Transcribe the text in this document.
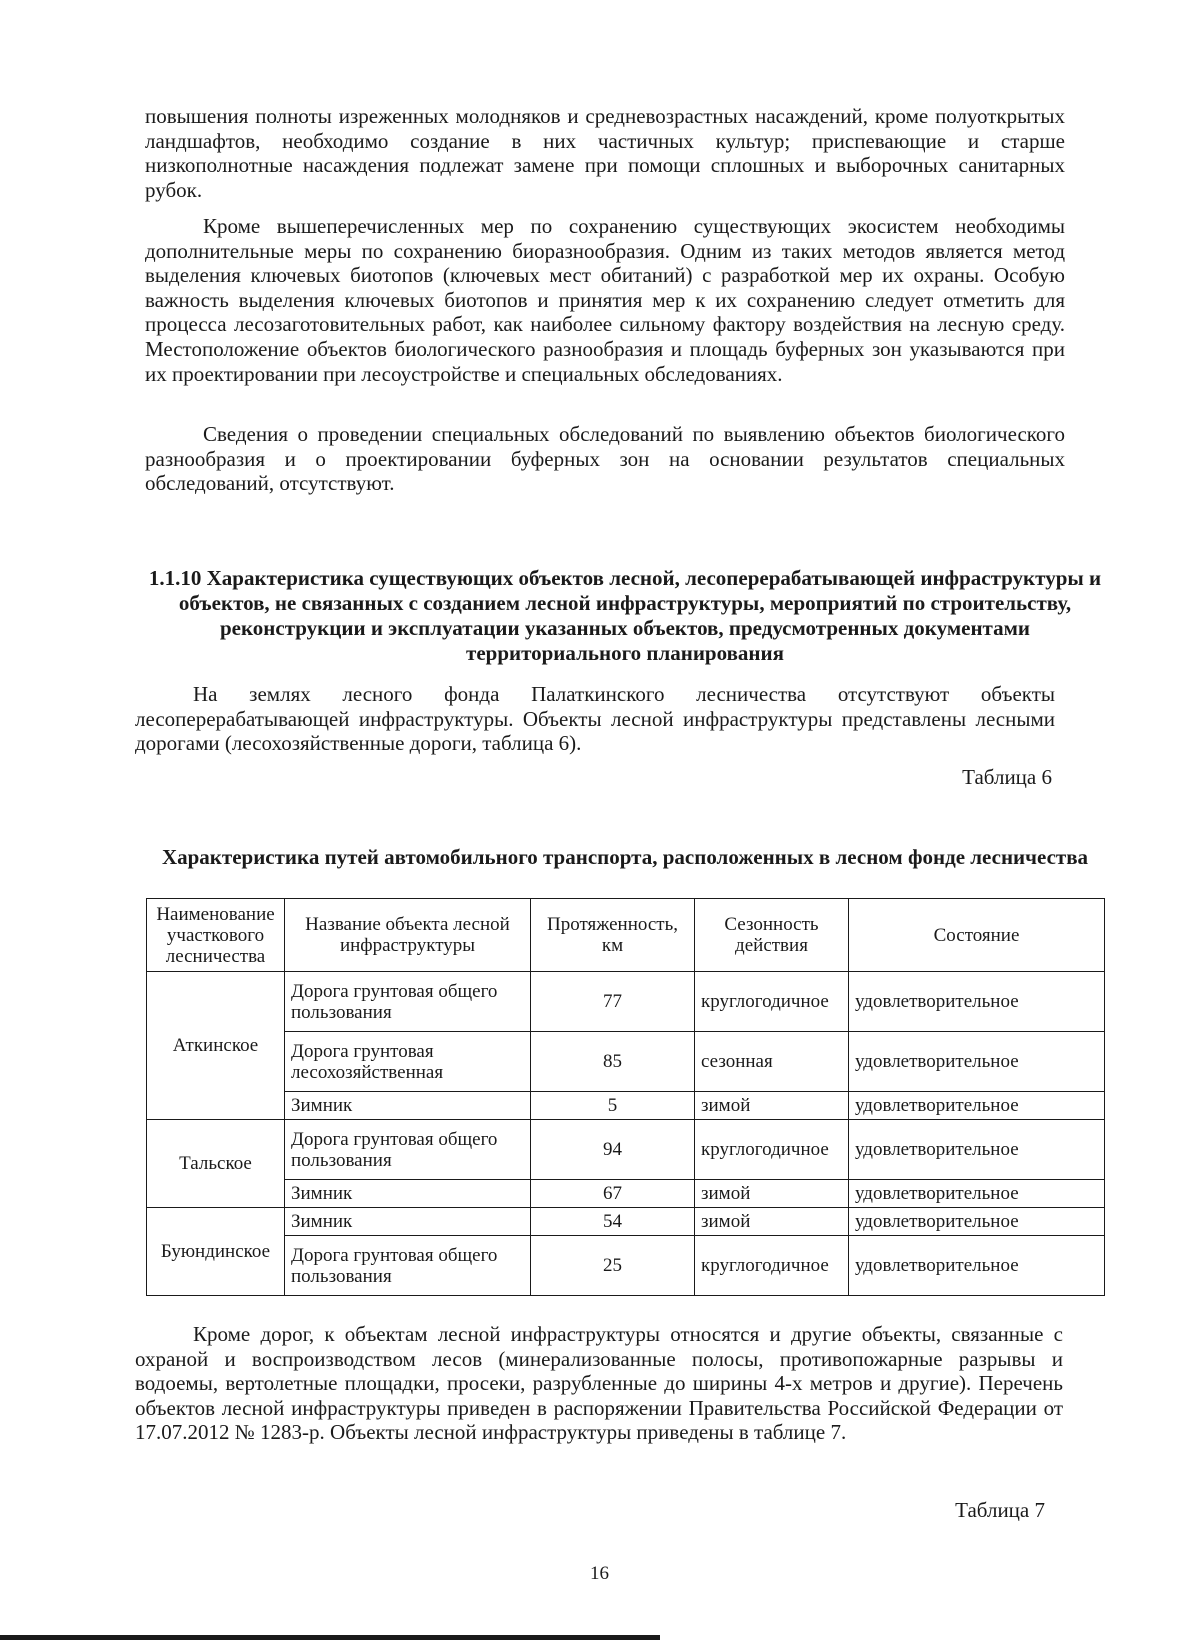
повышения полноты изреженных молодняков и средневозрастных насаждений, кроме полуоткрытых ландшафтов, необходимо создание в них частичных культур; приспевающие и старше низкополнотные насаждения подлежат замене при помощи сплошных и выборочных санитарных рубок.

Кроме вышеперечисленных мер по сохранению существующих экосистем необходимы дополнительные меры по сохранению биоразнообразия. Одним из таких методов является метод выделения ключевых биотопов (ключевых мест обитаний) с разработкой мер их охраны. Особую важность выделения ключевых биотопов и принятия мер к их сохранению следует отметить для процесса лесозаготовительных работ, как наиболее сильному фактору воздействия на лесную среду. Местоположение объектов биологического разнообразия и площадь буферных зон указываются при их проектировании при лесоустройстве и специальных обследованиях.

Сведения о проведении специальных обследований по выявлению объектов биологического разнообразия и о проектировании буферных зон на основании результатов специальных обследований, отсутствуют.

1.1.10 Характеристика существующих объектов лесной, лесоперерабатывающей инфраструктуры и объектов, не связанных с созданием лесной инфраструктуры, мероприятий по строительству, реконструкции и эксплуатации указанных объектов, предусмотренных документами территориального планирования

На землях лесного фонда Палаткинского лесничества отсутствуют объекты лесоперерабатывающей инфраструктуры. Объекты лесной инфраструктуры представлены лесными дорогами (лесохозяйственные дороги, таблица 6).

Таблица 6

Характеристика путей автомобильного транспорта, расположенных в лесном фонде лесничества

Наименование участкового лесничества	Название объекта лесной инфраструктуры	Протяженность, км	Сезонность действия	Состояние
Аткинское	Дорога грунтовая общего пользования	77	круглогодичное	удовлетворительное
	Дорога грунтовая лесохозяйственная	85	сезонная	удовлетворительное
	Зимник	5	зимой	удовлетворительное
Тальское	Дорога грунтовая общего пользования	94	круглогодичное	удовлетворительное
	Зимник	67	зимой	удовлетворительное
Буюндинское	Зимник	54	зимой	удовлетворительное
	Дорога грунтовая общего пользования	25	круглогодичное	удовлетворительное

Кроме дорог, к объектам лесной инфраструктуры относятся и другие объекты, связанные с охраной и воспроизводством лесов (минерализованные полосы, противопожарные разрывы и водоемы, вертолетные площадки, просеки, разрубленные до ширины 4-х метров и другие). Перечень объектов лесной инфраструктуры приведен в распоряжении Правительства Российской Федерации от 17.07.2012 № 1283-р. Объекты лесной инфраструктуры приведены в таблице 7.

Таблица 7
16
